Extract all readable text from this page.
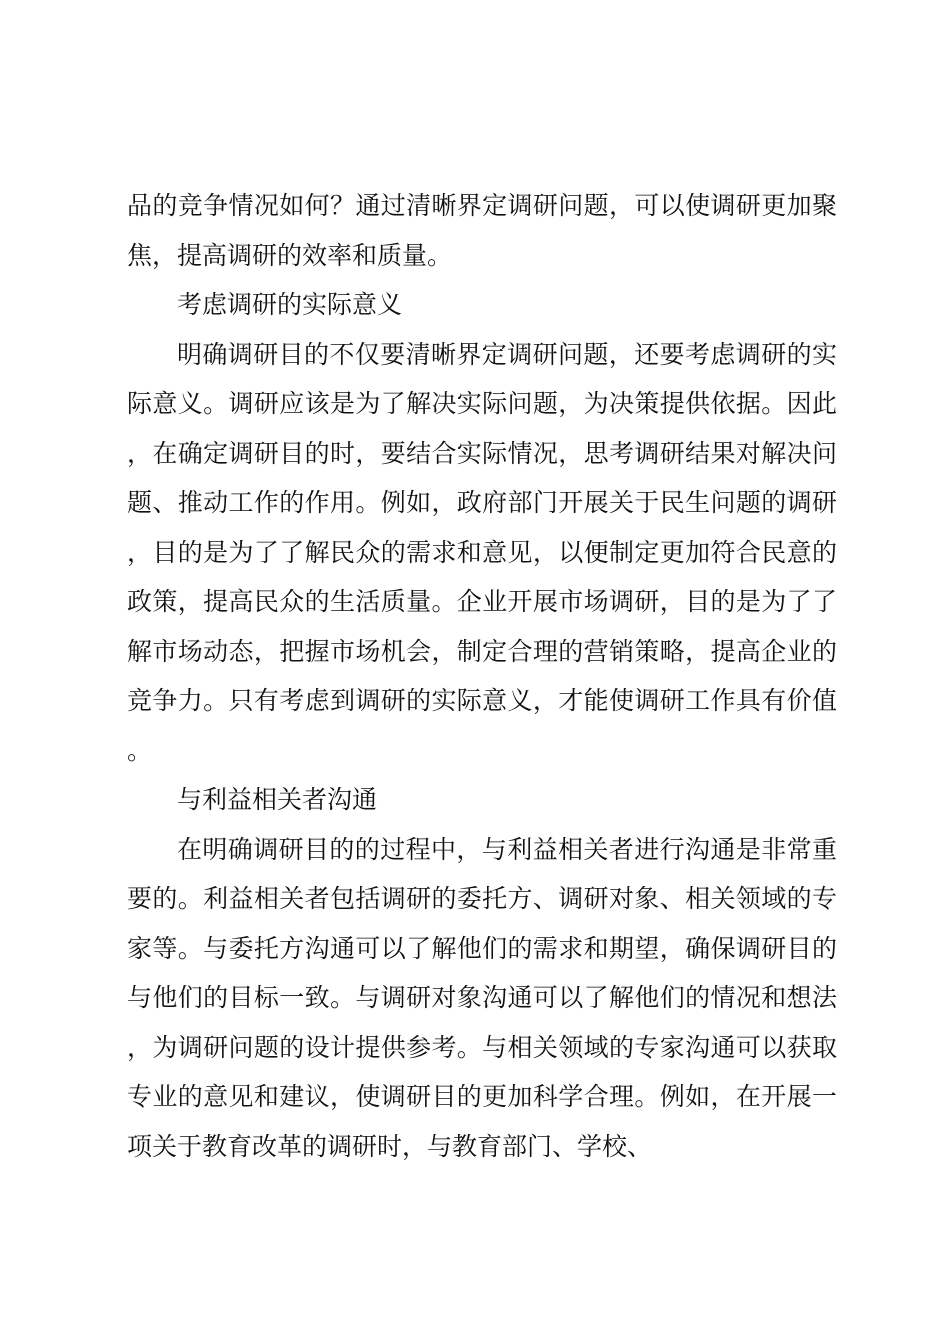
品的竞争情况如何？通过清晰界定调研问题，可以使调研更加聚焦，提高调研的效率和质量。

考虑调研的实际意义

明确调研目的不仅要清晰界定调研问题，还要考虑调研的实际意义。调研应该是为了解决实际问题，为决策提供依据。因此，在确定调研目的时，要结合实际情况，思考调研结果对解决问题、推动工作的作用。例如，政府部门开展关于民生问题的调研，目的是为了了解民众的需求和意见，以便制定更加符合民意的政策，提高民众的生活质量。企业开展市场调研，目的是为了了解市场动态，把握市场机会，制定合理的营销策略，提高企业的竞争力。只有考虑到调研的实际意义，才能使调研工作具有价值。

与利益相关者沟通

在明确调研目的的过程中，与利益相关者进行沟通是非常重要的。利益相关者包括调研的委托方、调研对象、相关领域的专家等。与委托方沟通可以了解他们的需求和期望，确保调研目的与他们的目标一致。与调研对象沟通可以了解他们的情况和想法，为调研问题的设计提供参考。与相关领域的专家沟通可以获取专业的意见和建议，使调研目的更加科学合理。例如，在开展一项关于教育改革的调研时，与教育部门、学校、
